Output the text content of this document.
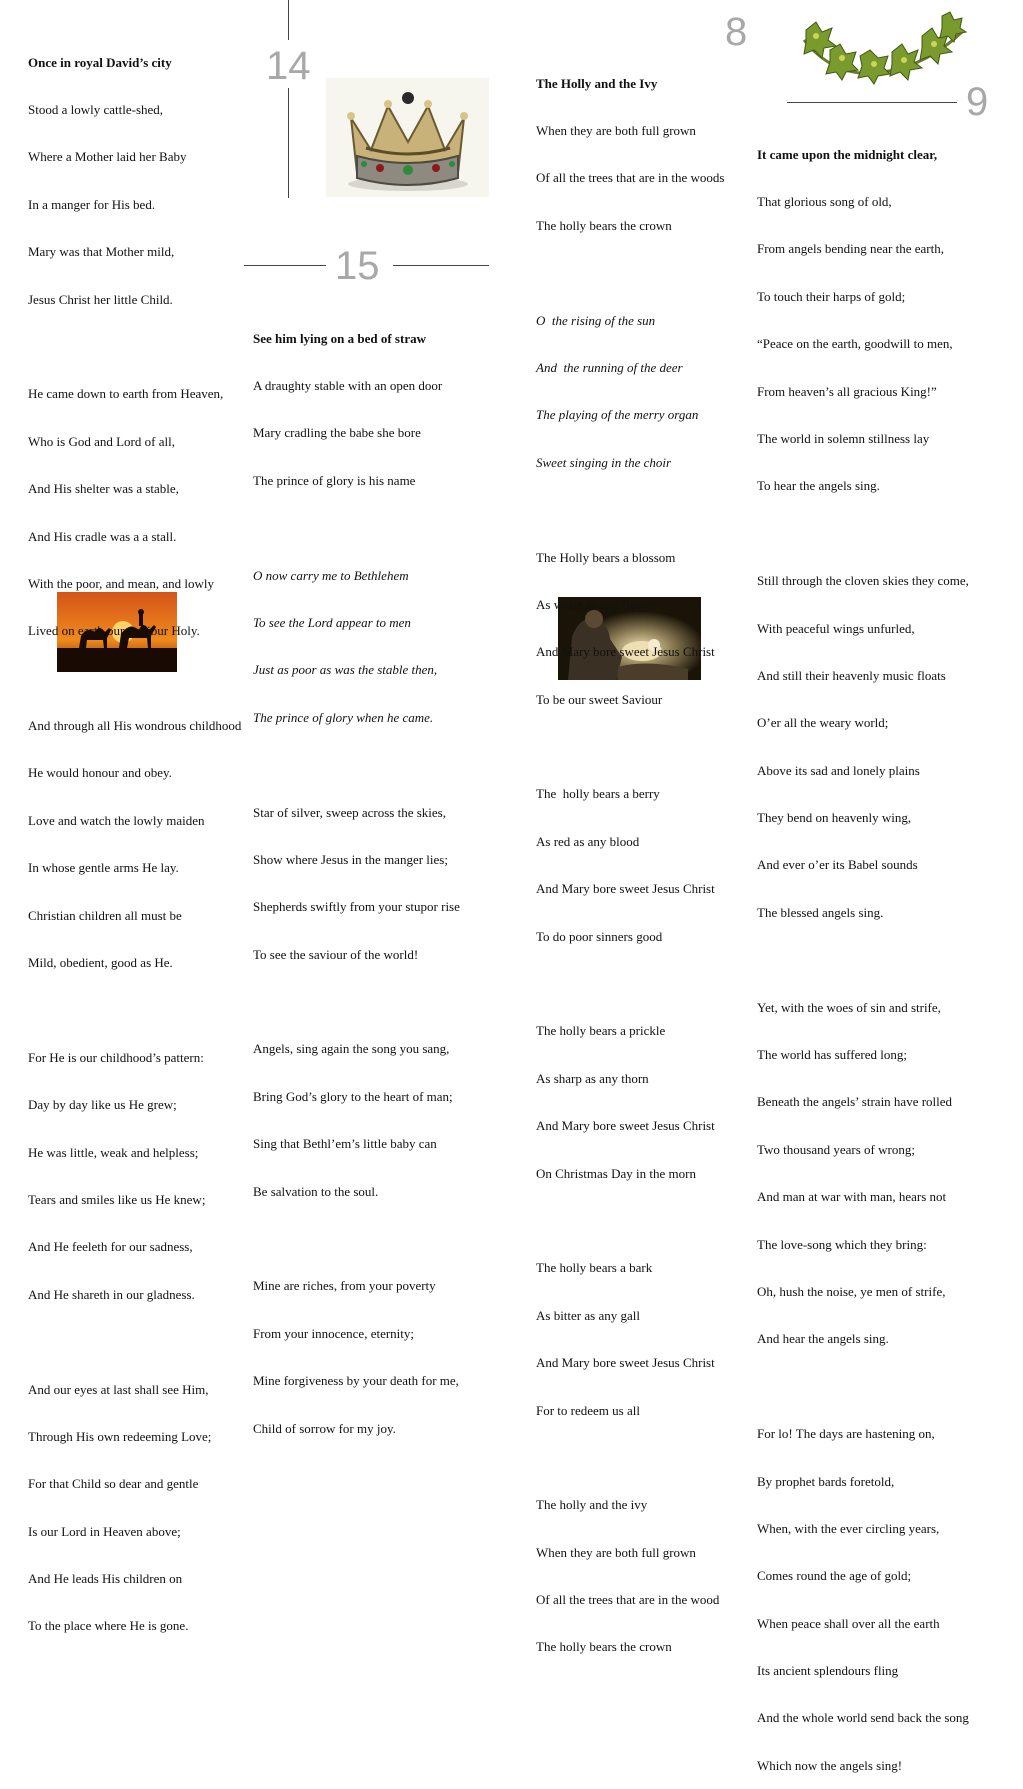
14
15
8
9

Once in royal David’s city

Stood a lowly cattle-shed,

Where a Mother laid her Baby

In a manger for His bed.

Mary was that Mother mild,

Jesus Christ her little Child.

He came down to earth from Heaven,

Who is God and Lord of all,

And His shelter was a stable,

And His cradle was a a stall.

With the poor, and mean, and lowly

Lived on earth our Saviour Holy.

And through all His wondrous childhood

He would honour and obey.

Love and watch the lowly maiden

In whose gentle arms He lay.

Christian children all must be

Mild, obedient, good as He.

For He is our childhood’s pattern:

Day by day like us He grew;

He was little, weak and helpless;

Tears and smiles like us He knew;

And He feeleth for our sadness,

And He shareth in our gladness.

And our eyes at last shall see Him,

Through His own redeeming Love;

For that Child so dear and gentle

Is our Lord in Heaven above;

And He leads His children on

To the place where He is gone.

See him lying on a bed of straw

A draughty stable with an open door

Mary cradling the babe she bore

The prince of glory is his name

O now carry me to Bethlehem

To see the Lord appear to men

Just as poor as was the stable then,

The prince of glory when he came.

Star of silver, sweep across the skies,

Show where Jesus in the manger lies;

Shepherds swiftly from your stupor rise

To see the saviour of the world!

Angels, sing again the song you sang,

Bring God’s glory to the heart of man;

Sing that Bethl’em’s little baby can

Be salvation to the soul.

Mine are riches, from your poverty

From your innocence, eternity;

Mine forgiveness by your death for me,

Child of sorrow for my joy.

The Holly and the Ivy

When they are both full grown

Of all the trees that are in the woods

The holly bears the crown

O  the rising of the sun

And  the running of the deer

The playing of the merry organ

Sweet singing in the choir

The Holly bears a blossom

As white as any flower

And Mary bore sweet Jesus Christ

To be our sweet Saviour

The  holly bears a berry

As red as any blood

And Mary bore sweet Jesus Christ

To do poor sinners good

The holly bears a prickle

As sharp as any thorn

And Mary bore sweet Jesus Christ

On Christmas Day in the morn

The holly bears a bark

As bitter as any gall

And Mary bore sweet Jesus Christ

For to redeem us all

The holly and the ivy

When they are both full grown

Of all the trees that are in the wood

The holly bears the crown

It came upon the midnight clear,

That glorious song of old,

From angels bending near the earth,

To touch their harps of gold;

“Peace on the earth, goodwill to men,

From heaven’s all gracious King!”

The world in solemn stillness lay

To hear the angels sing.

Still through the cloven skies they come,

With peaceful wings unfurled,

And still their heavenly music floats

O’er all the weary world;

Above its sad and lonely plains

They bend on heavenly wing,

And ever o’er its Babel sounds

The blessed angels sing.

Yet, with the woes of sin and strife,

The world has suffered long;

Beneath the angels’ strain have rolled

Two thousand years of wrong;

And man at war with man, hears not

The love-song which they bring:

Oh, hush the noise, ye men of strife,

And hear the angels sing.

For lo! The days are hastening on,

By prophet bards foretold,

When, with the ever circling years,

Comes round the age of gold;

When peace shall over all the earth

Its ancient splendours fling

And the whole world send back the song

Which now the angels sing!
